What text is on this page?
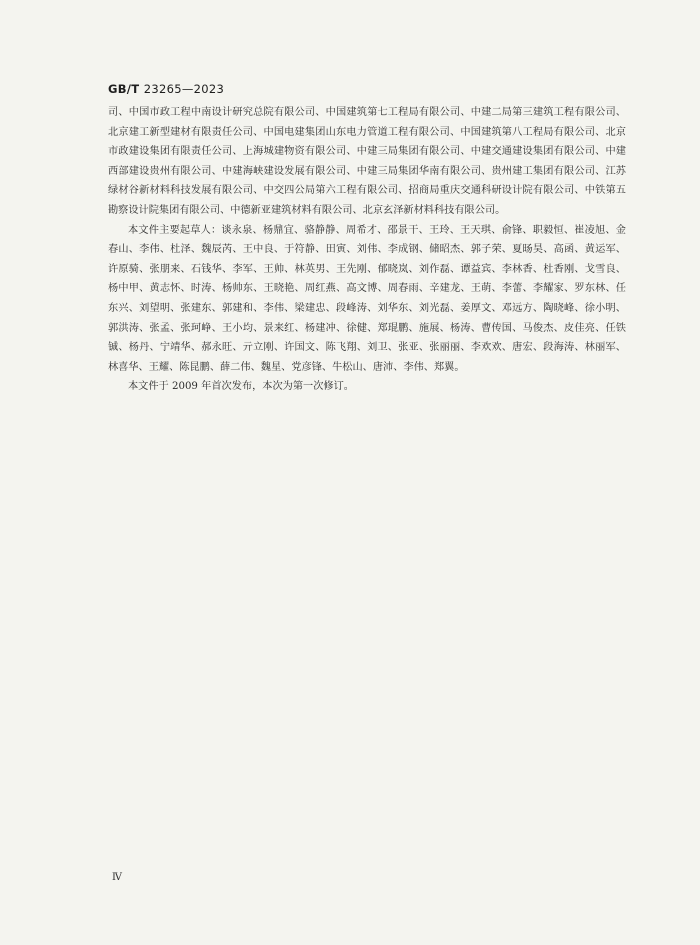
GB/T 23265—2023

司、中国市政工程中南设计研究总院有限公司、中国建筑第七工程局有限公司、中建二局第三建筑工程有限公司、北京建工新型建材有限责任公司、中国电建集团山东电力管道工程有限公司、中国建筑第八工程局有限公司、北京市政建设集团有限责任公司、上海城建物资有限公司、中建三局集团有限公司、中建交通建设集团有限公司、中建西部建设贵州有限公司、中建海峡建设发展有限公司、中建三局集团华南有限公司、贵州建工集团有限公司、江苏绿材谷新材料科技发展有限公司、中交四公局第六工程有限公司、招商局重庆交通科研设计院有限公司、中铁第五勘察设计院集团有限公司、中德新亚建筑材料有限公司、北京玄泽新材料科技有限公司。

本文件主要起草人：谈永泉、杨鼎宜、骆静静、周希才、邵景干、王玲、王天琪、俞锋、职毅恒、崔凌旭、金春山、李伟、杜泽、魏辰芮、王中良、于符静、田寅、刘伟、李成钢、储昭杰、郭子荣、夏旸昊、高函、黄运军、许原骑、张朋来、石钱华、李军、王帅、林英男、王先刚、郁晓岚、刘作磊、谭益宾、李林香、杜香刚、戈雪良、杨中甲、黄志怀、时涛、杨帅东、王晓艳、周红燕、高文博、周春雨、辛建龙、王萌、李蕾、李耀家、罗东林、任东兴、刘望明、张建东、郭建和、李伟、梁建忠、段峰涛、刘华东、刘光磊、姜厚文、邓远方、陶晓峰、徐小明、郭洪涛、张孟、张珂峥、王小均、景来红、杨建冲、徐健、郑琨鹏、施展、杨涛、曹传国、马俊杰、皮佳亮、任铁铖、杨丹、宁靖华、郝永旺、亓立刚、许国文、陈飞翔、刘卫、张亚、张丽丽、李欢欢、唐宏、段海涛、林丽军、林喜华、王耀、陈昆鹏、薛二伟、魏星、党彦锋、牛松山、唐沛、李伟、郑翼。

本文件于 2009 年首次发布，本次为第一次修订。

Ⅳ
